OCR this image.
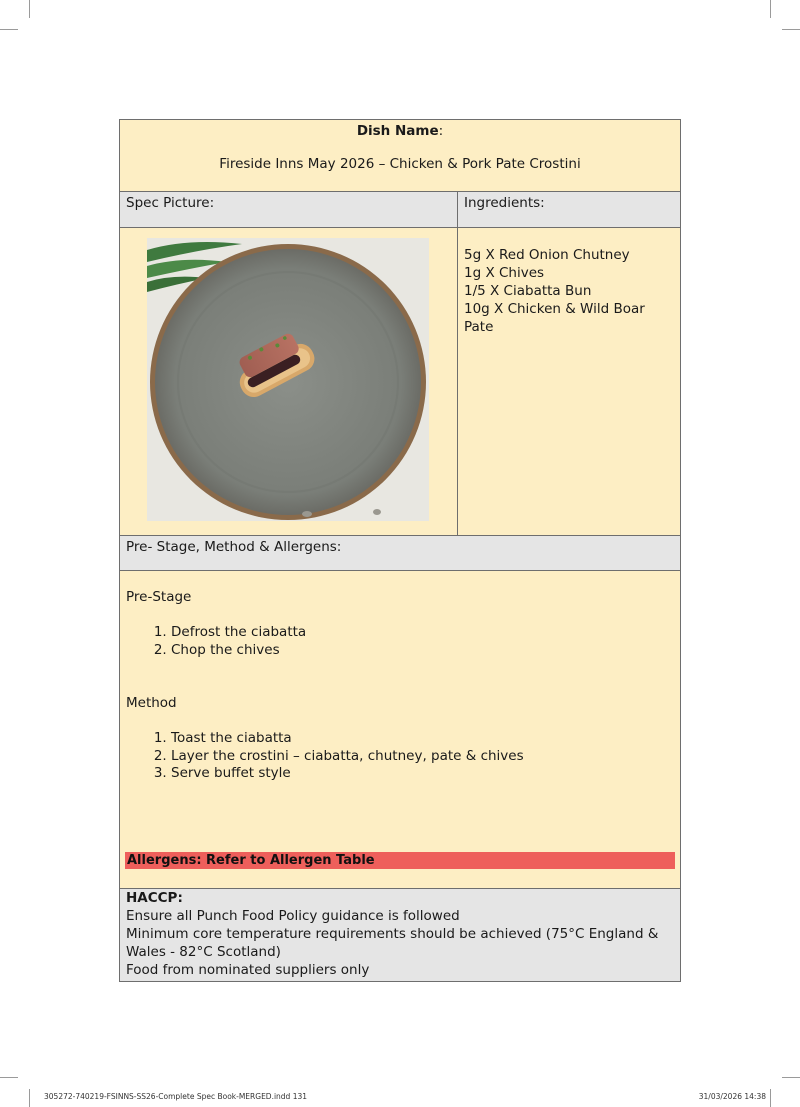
Dish Name:
Fireside Inns May 2026 – Chicken & Pork Pate Crostini
Spec Picture:	Ingredients:
5g X Red Onion Chutney
1g X Chives
1/5 X Ciabatta Bun
10g X Chicken & Wild Boar Pate
Pre- Stage, Method & Allergens:
Pre-Stage
1. Defrost the ciabatta
2. Chop the chives
Method
1. Toast the ciabatta
2. Layer the crostini – ciabatta, chutney, pate & chives
3. Serve buffet style
Allergens: Refer to Allergen Table
HACCP:
Ensure all Punch Food Policy guidance is followed
Minimum core temperature requirements should be achieved (75°C England & Wales - 82°C Scotland)
Food from nominated suppliers only
305272-740219-FSINNS-SS26-Complete Spec Book-MERGED.indd 131	31/03/2026 14:38
